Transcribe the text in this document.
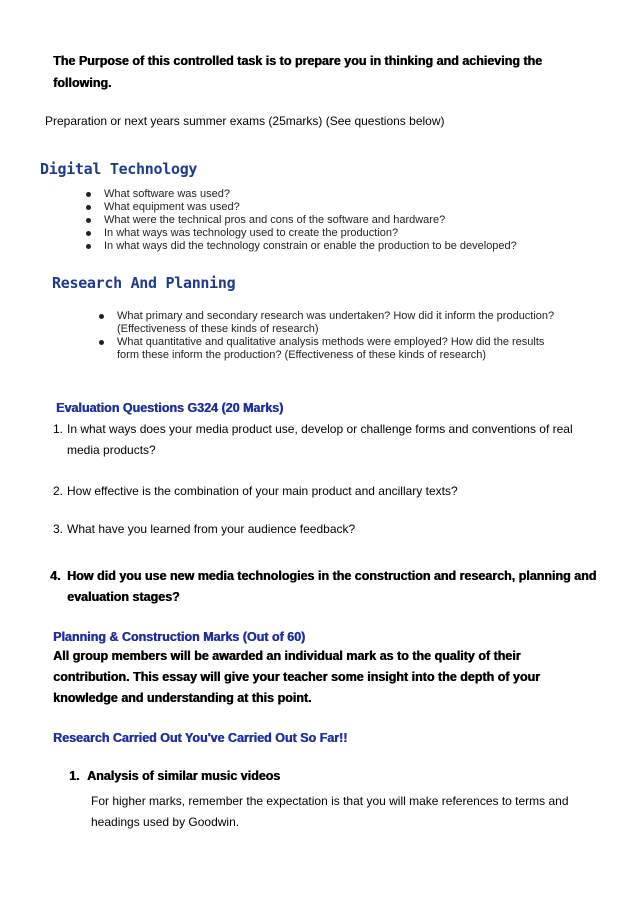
The Purpose of this controlled task is to prepare you in thinking and achieving the following.
Preparation or next years summer exams (25marks) (See questions below)
Digital Technology
What software was used?
What equipment was used?
What were the technical pros and cons of the software and hardware?
In what ways was technology used to create the production?
In what ways did the technology constrain or enable the production to be developed?
Research And Planning
What primary and secondary research was undertaken? How did it inform the production? (Effectiveness of these kinds of research)
What quantitative and qualitative analysis methods were employed? How did the results form these inform the production? (Effectiveness of these kinds of research)
Evaluation Questions G324 (20 Marks)
1. In what ways does your media product use, develop or challenge forms and conventions of real media products?
2. How effective is the combination of your main product and ancillary texts?
3. What have you learned from your audience feedback?
4. How did you use new media technologies in the construction and research, planning and evaluation stages?
Planning & Construction Marks (Out of 60)
All group members will be awarded an individual mark as to the quality of their contribution. This essay will give your teacher some insight into the depth of your knowledge and understanding at this point.
Research Carried Out You've Carried Out So Far!!
1. Analysis of similar music videos
For higher marks, remember the expectation is that you will make references to terms and headings used by Goodwin.
